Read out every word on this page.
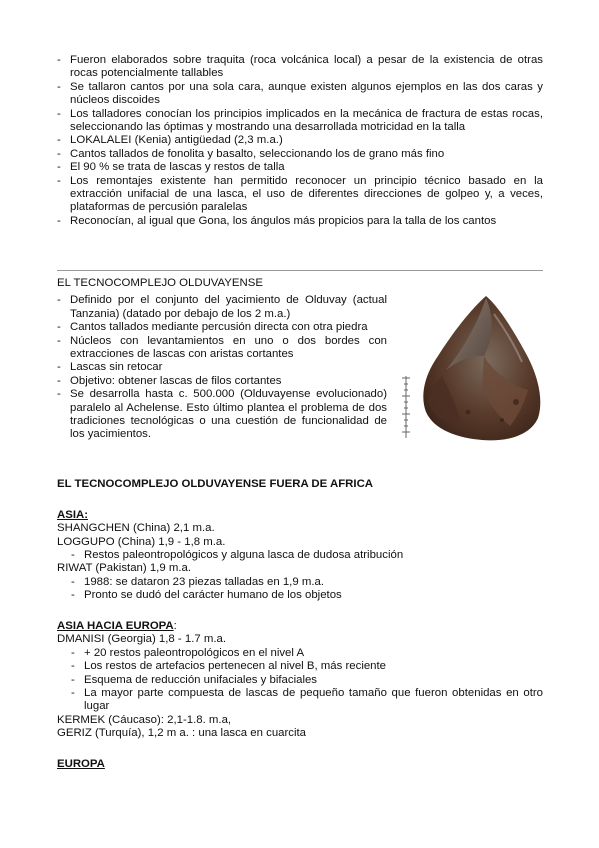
- Fueron elaborados sobre traquita (roca volcánica local) a pesar de la existencia de otras rocas potencialmente tallables
- Se tallaron cantos por una sola cara, aunque existen algunos ejemplos en las dos caras y núcleos discoides
- Los talladores conocían los principios implicados en la mecánica de fractura de estas rocas, seleccionando las óptimas y mostrando una desarrollada motricidad en la talla
- LOKALALEI (Kenia) antigüedad (2,3 m.a.)
- Cantos tallados de fonolita y basalto, seleccionando los de grano más fino
- El 90 % se trata de lascas y restos de talla
- Los remontajes existente han permitido reconocer un principio técnico basado en la extracción unifacial de una lasca, el uso de diferentes direcciones de golpeo y, a veces, plataformas de percusión paralelas
- Reconocían, al igual que Gona, los ángulos más propicios para la talla de los cantos

EL TECNOCOMPLEJO OLDUVAYENSE

- Definido por el conjunto del yacimiento de Olduvay (actual Tanzania) (datado por debajo de los 2 m.a.)
- Cantos tallados mediante percusión directa con otra piedra
- Núcleos con levantamientos en uno o dos bordes con extracciones de lascas con aristas cortantes
- Lascas sin retocar
- Objetivo: obtener lascas de filos cortantes
- Se desarrolla hasta c. 500.000 (Olduvayense evolucionado) paralelo al Achelense. Esto último plantea el problema de dos tradiciones tecnológicas o una cuestión de funcionalidad de los yacimientos.

EL TECNOCOMPLEJO OLDUVAYENSE FUERA DE AFRICA

ASIA:

SHANGCHEN (China) 2,1 m.a.

LOGGUPO (China) 1,9 - 1,8 m.a.

- Restos paleontropológicos y alguna lasca de dudosa atribución

RIWAT (Pakistan) 1,9 m.a.

- 1988: se dataron 23 piezas talladas en 1,9 m.a.
- Pronto se dudó del carácter humano de los objetos

ASIA HACIA EUROPA:

DMANISI (Georgia) 1,8 - 1.7 m.a.

- + 20 restos paleontropológicos en el nivel A
- Los restos de artefacios pertenecen al nivel B, más reciente
- Esquema de reducción unifaciales y bifaciales
- La mayor parte compuesta de lascas de pequeño tamaño que fueron obtenidas en otro lugar

KERMEK (Cáucaso): 2,1-1.8. m.a,

GERIZ (Turquía), 1,2 m a. : una lasca en cuarcita

EUROPA
